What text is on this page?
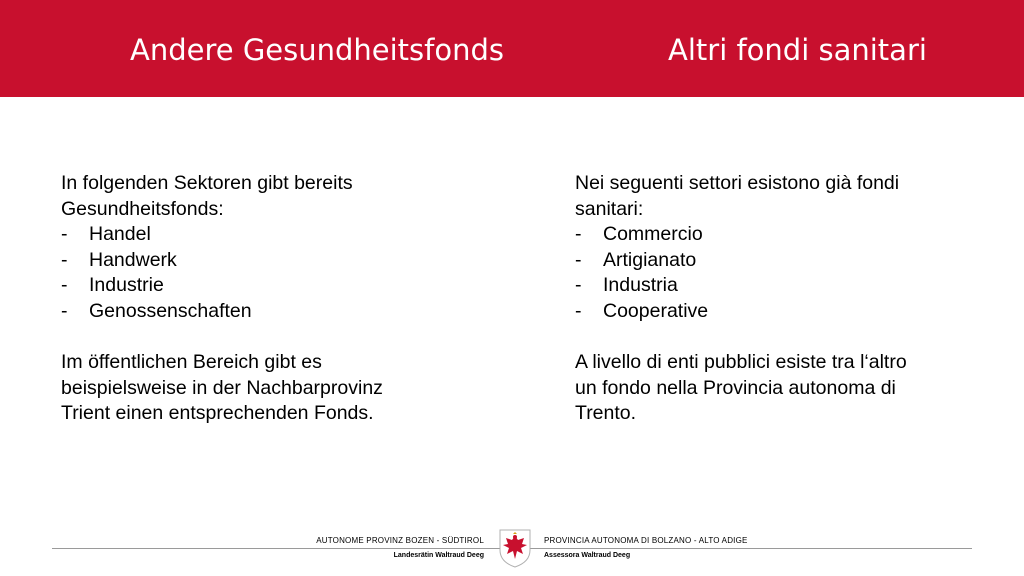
Andere Gesundheitsfonds	Altri fondi sanitari
In folgenden Sektoren gibt bereits
Gesundheitsfonds:
- Handel
- Handwerk
- Industrie
- Genossenschaften
Im öffentlichen Bereich gibt es
beispielsweise in der Nachbarprovinz
Trient einen entsprechenden Fonds.
Nei seguenti settori esistono già fondi
sanitari:
- Commercio
- Artigianato
- Industria
- Cooperative
A livello di enti pubblici esiste tra l‘altro
un fondo nella Provincia autonoma di
Trento.
AUTONOME PROVINZ BOZEN - SÜDTIROL
Landesrätin Waltraud Deeg
PROVINCIA AUTONOMA DI BOLZANO - ALTO ADIGE
Assessora Waltraud Deeg
